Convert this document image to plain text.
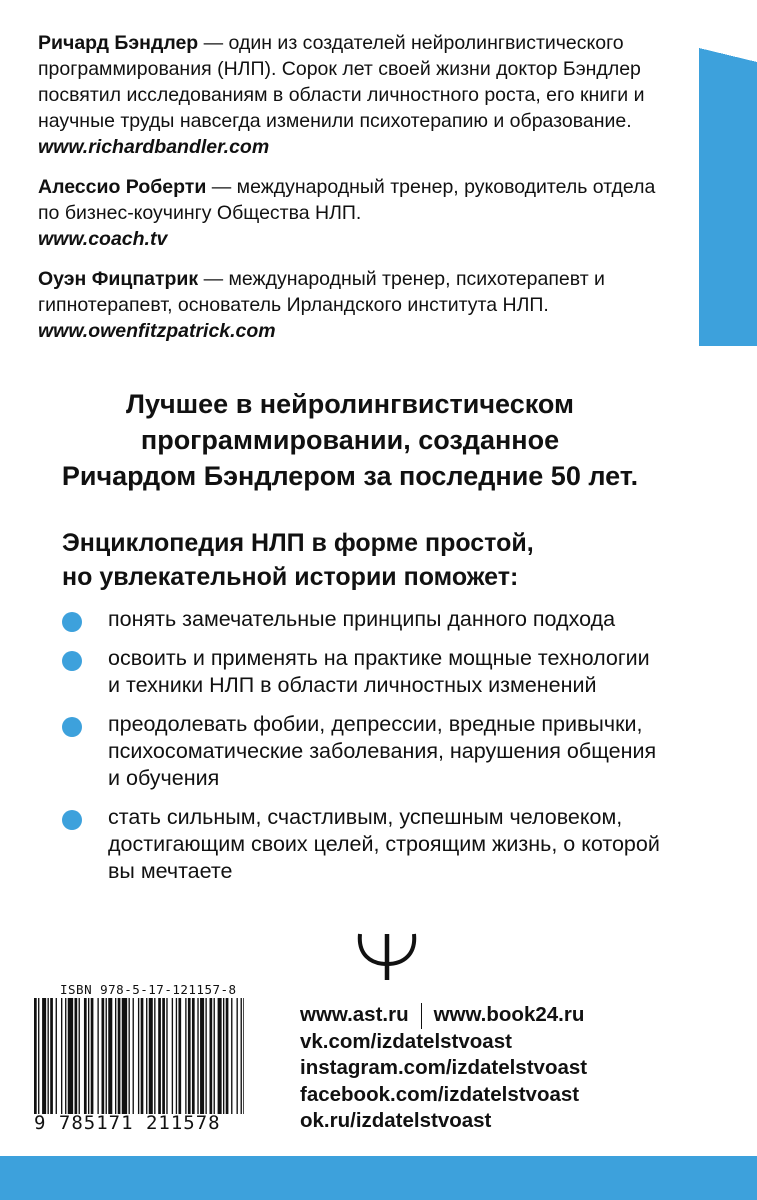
Ричард Бэндлер — один из создателей нейролингвистического программирования (НЛП). Сорок лет своей жизни доктор Бэндлер посвятил исследованиям в области личностного роста, его книги и научные труды навсегда изменили психотерапию и образование.
www.richardbandler.com
Алессио Роберти — международный тренер, руководитель отдела по бизнес-коучингу Общества НЛП.
www.coach.tv
Оуэн Фицпатрик — международный тренер, психотерапевт и гипнотерапевт, основатель Ирландского института НЛП.
www.owenfitzpatrick.com
Лучшее в нейролингвистическом
программировании, созданное
Ричардом Бэндлером за последние 50 лет.
Энциклопедия НЛП в форме простой,
но увлекательной истории поможет:
понять замечательные принципы данного подхода
освоить и применять на практике мощные технологии и техники НЛП в области личностных изменений
преодолевать фобии, депрессии, вредные привычки, психосоматические заболевания, нарушения общения и обучения
стать сильным, счастливым, успешным человеком, достигающим своих целей, строящим жизнь, о которой вы мечтаете
ISBN 978-5-17-121157-8
9 785171 211578
www.ast.ru www.book24.ru
vk.com/izdatelstvoast
instagram.com/izdatelstvoast
facebook.com/izdatelstvoast
ok.ru/izdatelstvoast
